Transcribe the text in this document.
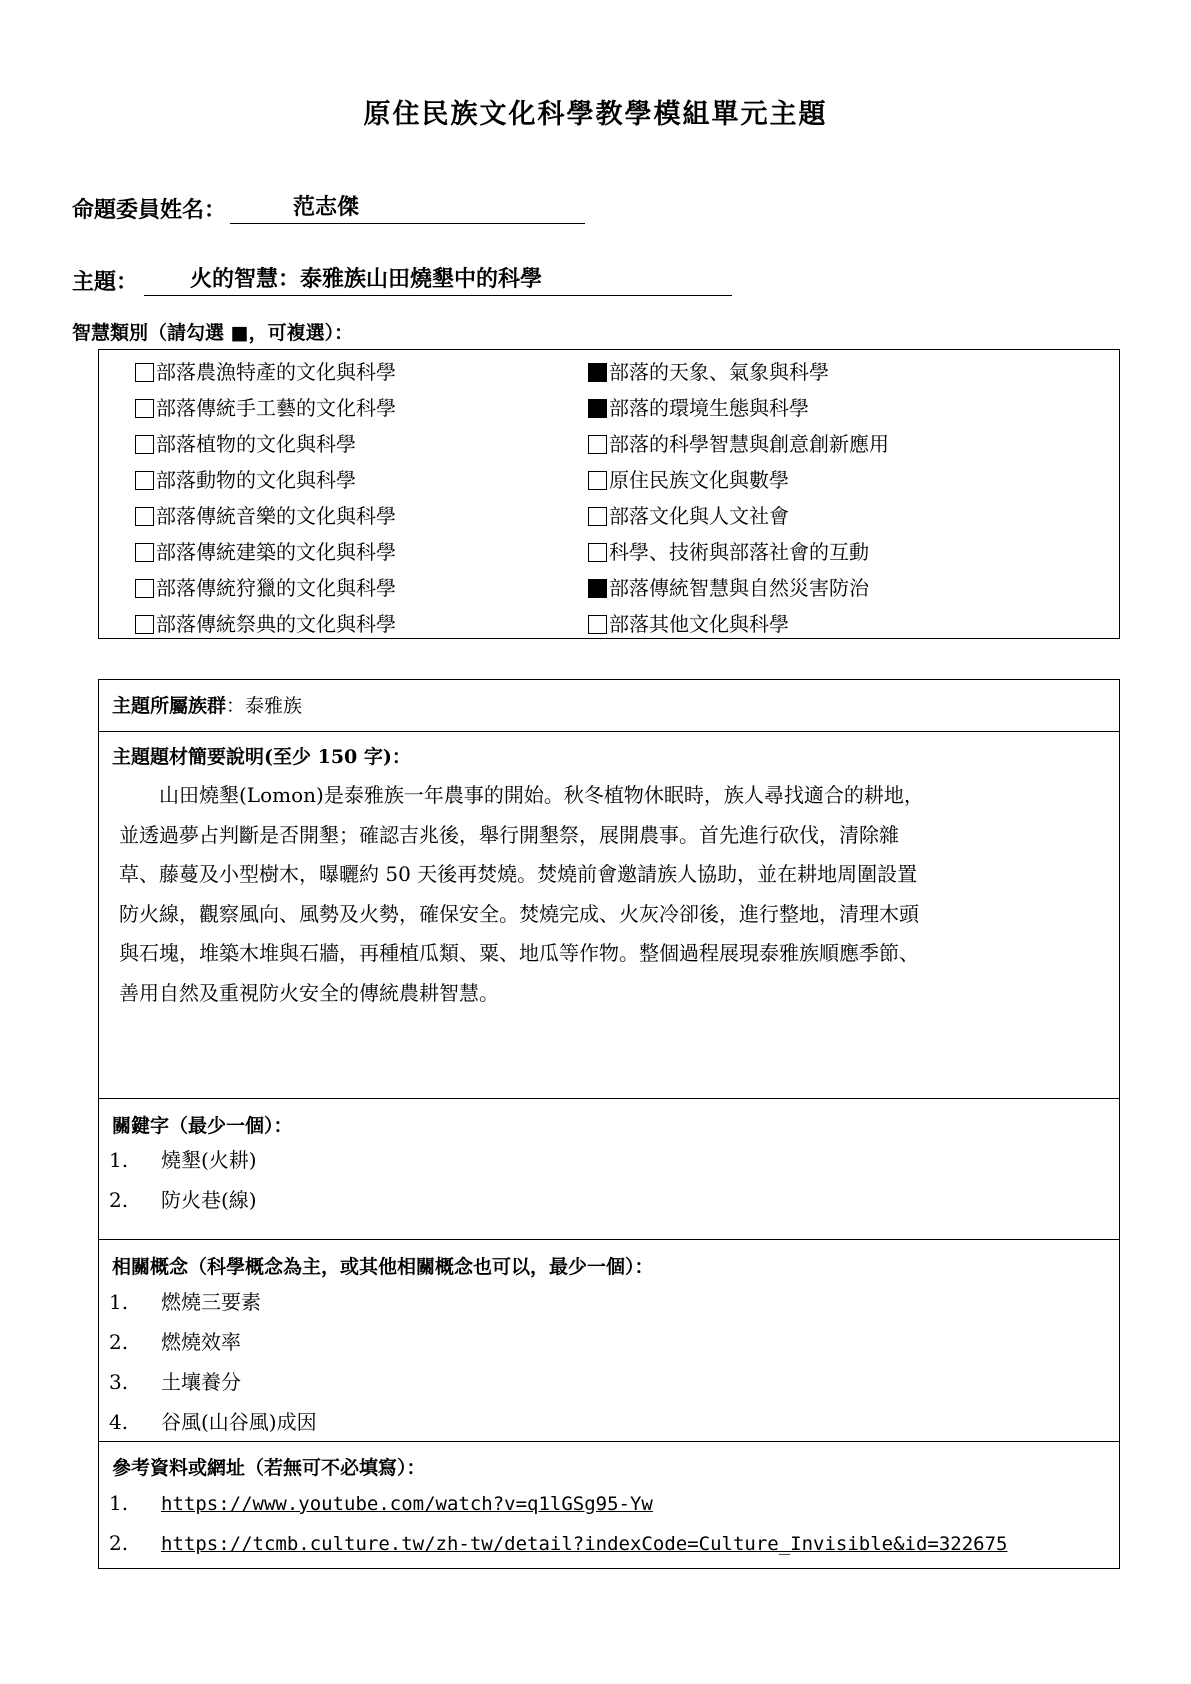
原住民族文化科學教學模組單元主題
命題委員姓名：	范志傑
主題：	火的智慧：泰雅族山田燒墾中的科學
智慧類別（請勾選 ■，可複選）：
部落農漁特產的文化與科學
部落傳統手工藝的文化科學
部落植物的文化與科學
部落動物的文化與科學
部落傳統音樂的文化與科學
部落傳統建築的文化與科學
部落傳統狩獵的文化與科學
部落傳統祭典的文化與科學
部落的天象、氣象與科學
部落的環境生態與科學
部落的科學智慧與創意創新應用
原住民族文化與數學
部落文化與人文社會
科學、技術與部落社會的互動
部落傳統智慧與自然災害防治
部落其他文化與科學
主題所屬族群：泰雅族
主題題材簡要說明(至少 150 字)：
　　山田燒墾(Lomon)是泰雅族一年農事的開始。秋冬植物休眠時，族人尋找適合的耕地，
並透過夢占判斷是否開墾；確認吉兆後，舉行開墾祭，展開農事。首先進行砍伐，清除雜
草、藤蔓及小型樹木，曝曬約 50 天後再焚燒。焚燒前會邀請族人協助，並在耕地周圍設置
防火線，觀察風向、風勢及火勢，確保安全。焚燒完成、火灰冷卻後，進行整地，清理木頭
與石塊，堆築木堆與石牆，再種植瓜類、粟、地瓜等作物。整個過程展現泰雅族順應季節、
善用自然及重視防火安全的傳統農耕智慧。
關鍵字（最少一個）：
1. 燒墾(火耕)
2. 防火巷(線)
相關概念（科學概念為主，或其他相關概念也可以，最少一個）：
1. 燃燒三要素
2. 燃燒效率
3. 土壤養分
4. 谷風(山谷風)成因
參考資料或網址（若無可不必填寫）：
1. https://www.youtube.com/watch?v=q1lGSg95-Yw
2. https://tcmb.culture.tw/zh-tw/detail?indexCode=Culture_Invisible&id=322675
